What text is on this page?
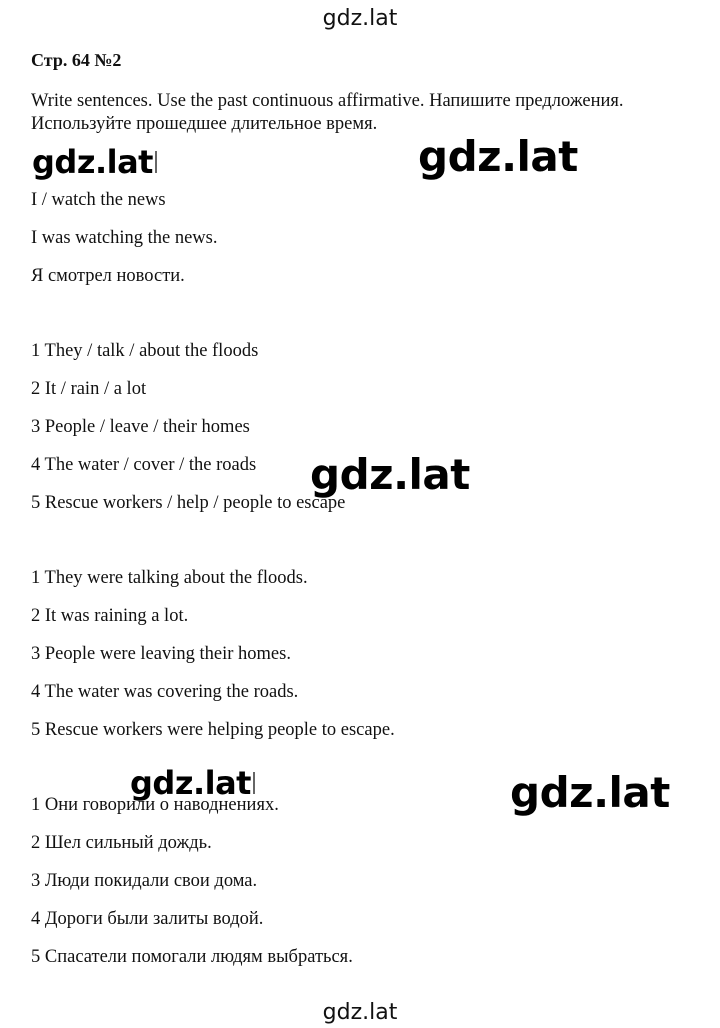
gdz.lat
Стр. 64 №2
Write sentences. Use the past continuous affirmative. Напишите предложения. Используйте прошедшее длительное время.
I / watch the news
I was watching the news.
Я смотрел новости.
1 They / talk / about the floods
2 It / rain / a lot
3 People / leave / their homes
4 The water / cover / the roads
5 Rescue workers / help / people to escape
1 They were talking about the floods.
2 It was raining a lot.
3 People were leaving their homes.
4 The water was covering the roads.
5 Rescue workers were helping people to escape.
1 Они говорили о наводнениях.
2 Шел сильный дождь.
3 Люди покидали свои дома.
4 Дороги были залиты водой.
5 Спасатели помогали людям выбраться.
gdz.lat	gdz.lat
gdz.lat
gdz.lat	gdz.lat
gdz.lat
